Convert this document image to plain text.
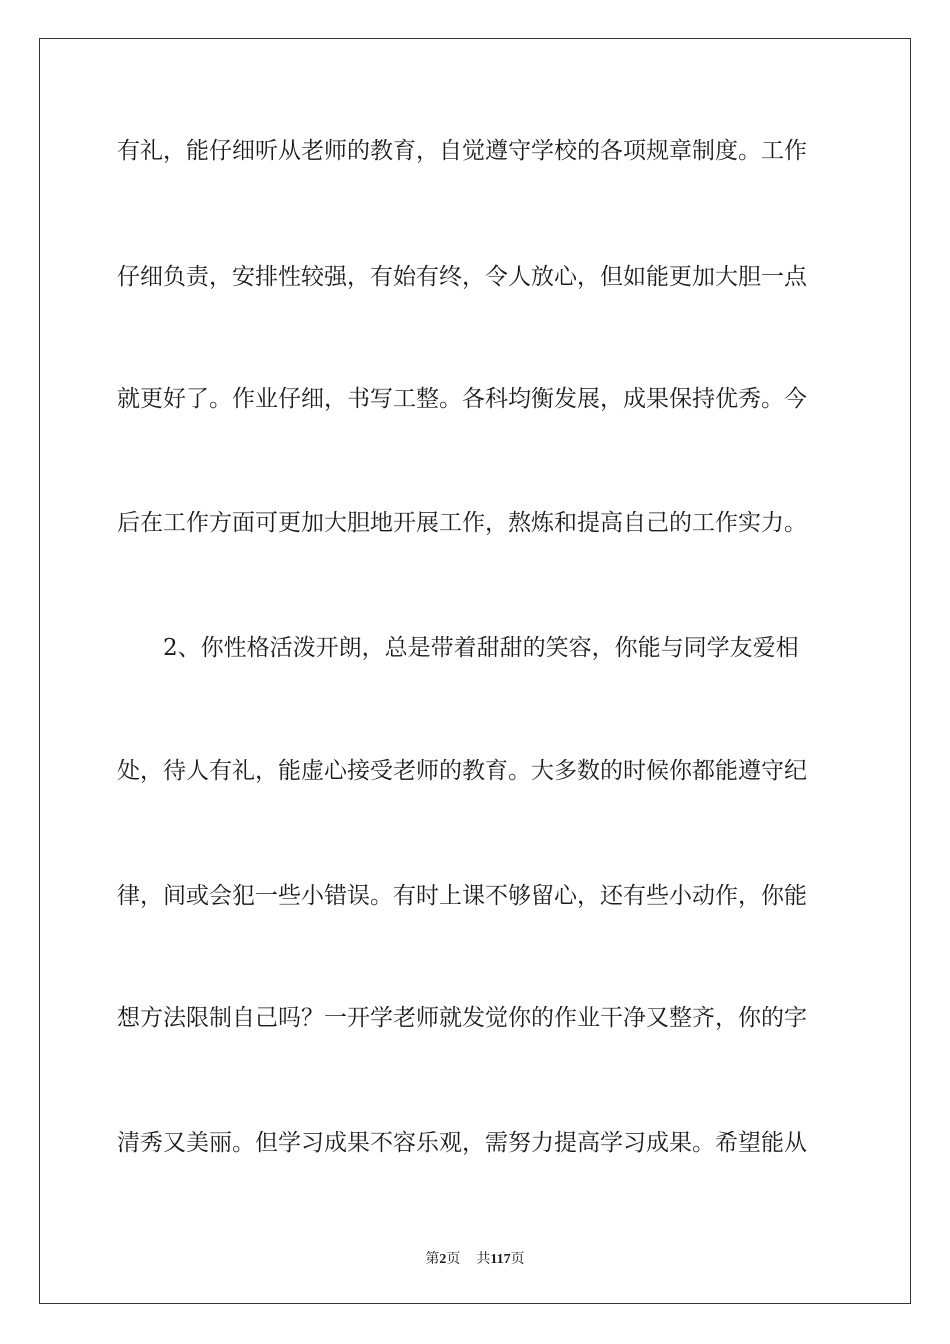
有礼，能仔细听从老师的教育，自觉遵守学校的各项规章制度。工作

仔细负责，安排性较强，有始有终，令人放心，但如能更加大胆一点

就更好了。作业仔细，书写工整。各科均衡发展，成果保持优秀。今

后在工作方面可更加大胆地开展工作，熬炼和提高自己的工作实力。

　　2、你性格活泼开朗，总是带着甜甜的笑容，你能与同学友爱相

处，待人有礼，能虚心接受老师的教育。大多数的时候你都能遵守纪

律，间或会犯一些小错误。有时上课不够留心，还有些小动作，你能

想方法限制自己吗？一开学老师就发觉你的作业干净又整齐，你的字

清秀又美丽。但学习成果不容乐观，需努力提高学习成果。希望能从

第2页 共117页
